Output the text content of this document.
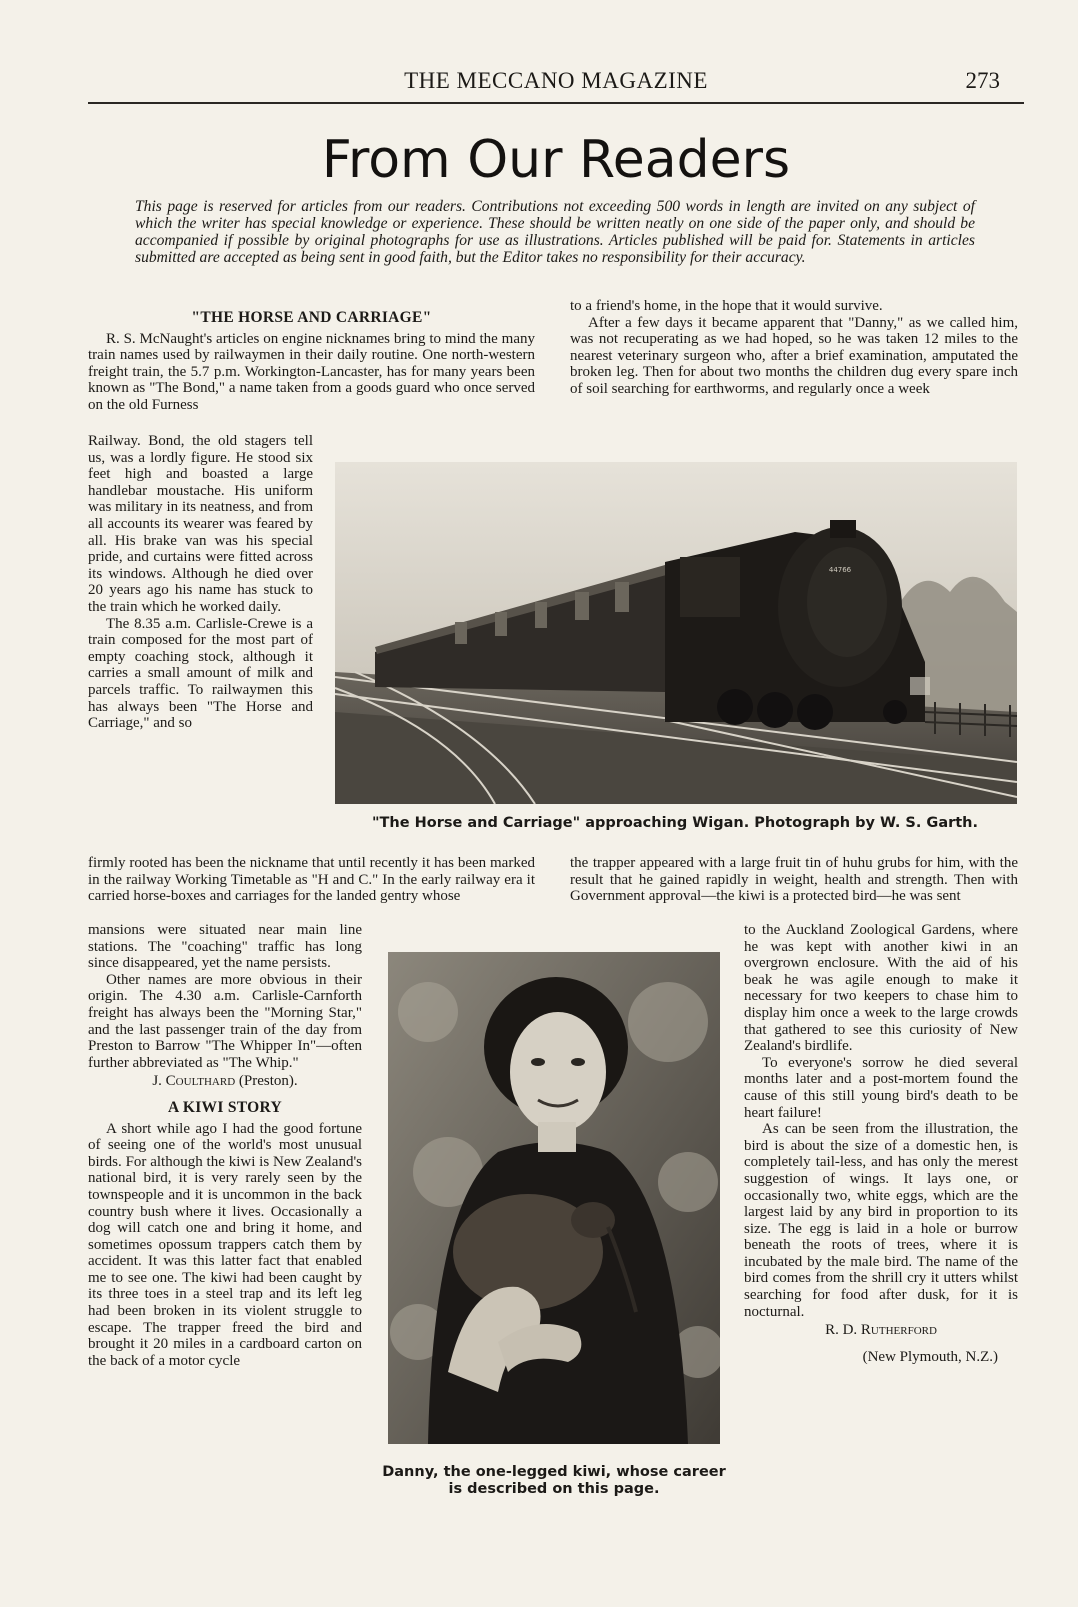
THE MECCANO MAGAZINE	273
From Our Readers
This page is reserved for articles from our readers. Contributions not exceeding 500 words in length are invited on any subject of which the writer has special knowledge or experience. These should be written neatly on one side of the paper only, and should be accompanied if possible by original photographs for use as illustrations. Articles published will be paid for. Statements in articles submitted are accepted as being sent in good faith, but the Editor takes no responsibility for their accuracy.
"THE HORSE AND CARRIAGE"

R. S. McNaught's articles on engine nicknames bring to mind the many train names used by railwaymen in their daily routine. One north-western freight train, the 5.7 p.m. Workington-Lancaster, has for many years been known as "The Bond," a name taken from a goods guard who once served on the old Furness

Railway. Bond, the old stagers tell us, was a lordly figure. He stood six feet high and boasted a large handlebar moustache. His uniform was military in its neatness, and from all accounts its wearer was feared by all. His brake van was his special pride, and curtains were fitted across its windows. Although he died over 20 years ago his name has stuck to the train which he worked daily.

The 8.35 a.m. Carlisle-Crewe is a train composed for the most part of empty coaching stock, although it carries a small amount of milk and parcels traffic. To railwaymen this has always been "The Horse and Carriage," and so

firmly rooted has been the nickname that until recently it has been marked in the railway Working Timetable as "H and C." In the early railway era it carried horse-boxes and carriages for the landed gentry whose

mansions were situated near main line stations. The "coaching" traffic has long since disappeared, yet the name persists.

Other names are more obvious in their origin. The 4.30 a.m. Carlisle-Carnforth freight has always been the "Morning Star," and the last passenger train of the day from Preston to Barrow "The Whipper In"—often further abbreviated as "The Whip."

J. Coulthard (Preston).
A KIWI STORY

A short while ago I had the good fortune of seeing one of the world's most unusual birds. For although the kiwi is New Zealand's national bird, it is very rarely seen by the townspeople and it is uncommon in the back country bush where it lives. Occasionally a dog will catch one and bring it home, and sometimes opossum trappers catch them by accident. It was this latter fact that enabled me to see one. The kiwi had been caught by its three toes in a steel trap and its left leg had been broken in its violent struggle to escape. The trapper freed the bird and brought it 20 miles in a cardboard carton on the back of a motor cycle

to a friend's home, in the hope that it would survive.

After a few days it became apparent that "Danny," as we called him, was not recuperating as we had hoped, so he was taken 12 miles to the nearest veterinary surgeon who, after a brief examination, amputated the broken leg. Then for about two months the children dug every spare inch of soil searching for earthworms, and regularly once a week

the trapper appeared with a large fruit tin of huhu grubs for him, with the result that he gained rapidly in weight, health and strength. Then with Government approval—the kiwi is a protected bird—he was sent

to the Auckland Zoological Gardens, where he was kept with another kiwi in an overgrown enclosure. With the aid of his beak he was agile enough to make it necessary for two keepers to chase him to display him once a week to the large crowds that gathered to see this curiosity of New Zealand's birdlife.

To everyone's sorrow he died several months later and a post-mortem found the cause of this still young bird's death to be heart failure!

As can be seen from the illustration, the bird is about the size of a domestic hen, is completely tail-less, and has only the merest suggestion of wings. It lays one, or occasionally two, white eggs, which are the largest laid by any bird in proportion to its size. The egg is laid in a hole or burrow beneath the roots of trees, where it is incubated by the male bird. The name of the bird comes from the shrill cry it utters whilst searching for food after dusk, for it is nocturnal.

R. D. Rutherford
(New Plymouth, N.Z.)
44766
"The Horse and Carriage" approaching Wigan. Photograph by W. S. Garth.
Danny, the one-legged kiwi, whose career is described on this page.
